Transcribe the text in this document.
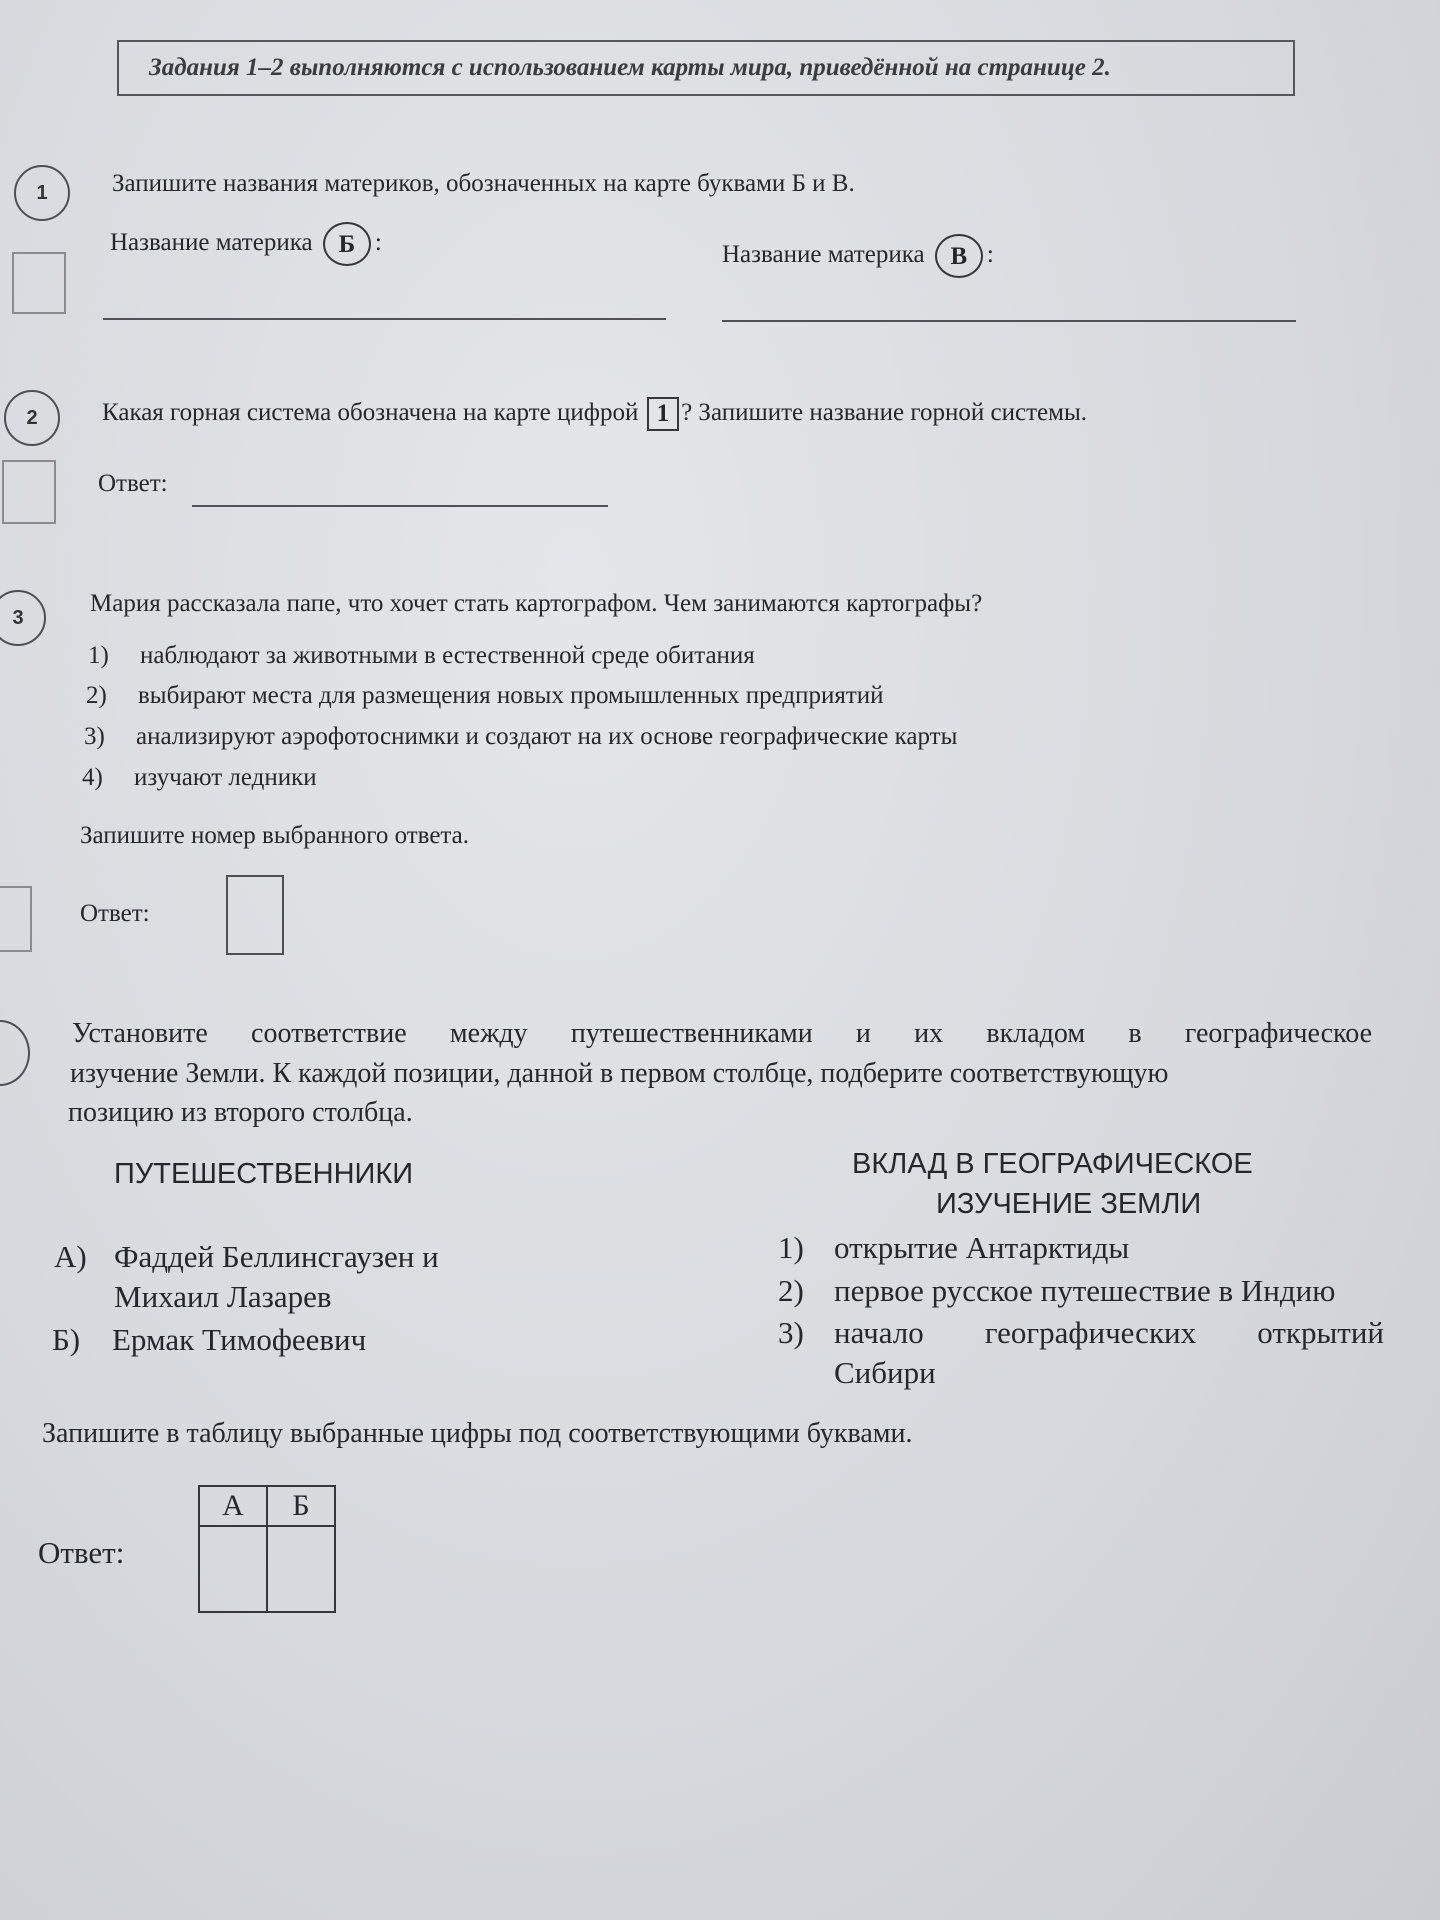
Задания 1–2 выполняются с использованием карты мира, приведённой на странице 2.
1	Запишите названия материков, обозначенных на карте буквами Б и В.
Название материка Б :	Название материка В :
2	Какая горная система обозначена на карте цифрой 1 ? Запишите название горной системы.
Ответ:
3
Мария рассказала папе, что хочет стать картографом. Чем занимаются картографы?
1) наблюдают за животными в естественной среде обитания
2) выбирают места для размещения новых промышленных предприятий
3) анализируют аэрофотоснимки и создают на их основе географические карты
4) изучают ледники
Запишите номер выбранного ответа.
Ответ:
Установите соответствие между путешественниками и их вкладом в географическое
изучение Земли. К каждой позиции, данной в первом столбце, подберите соответствующую
позицию из второго столбца.
ПУТЕШЕСТВЕННИКИ	ВКЛАД В ГЕОГРАФИЧЕСКОЕ
ИЗУЧЕНИЕ ЗЕМЛИ
А) Фаддей Беллинсгаузен и
Михаил Лазарев
Б) Ермак Тимофеевич
1) открытие Антарктиды
2) первое русское путешествие в Индию
3) начало географических открытий
Сибири
Запишите в таблицу выбранные цифры под соответствующими буквами.
Ответ:
А	Б
